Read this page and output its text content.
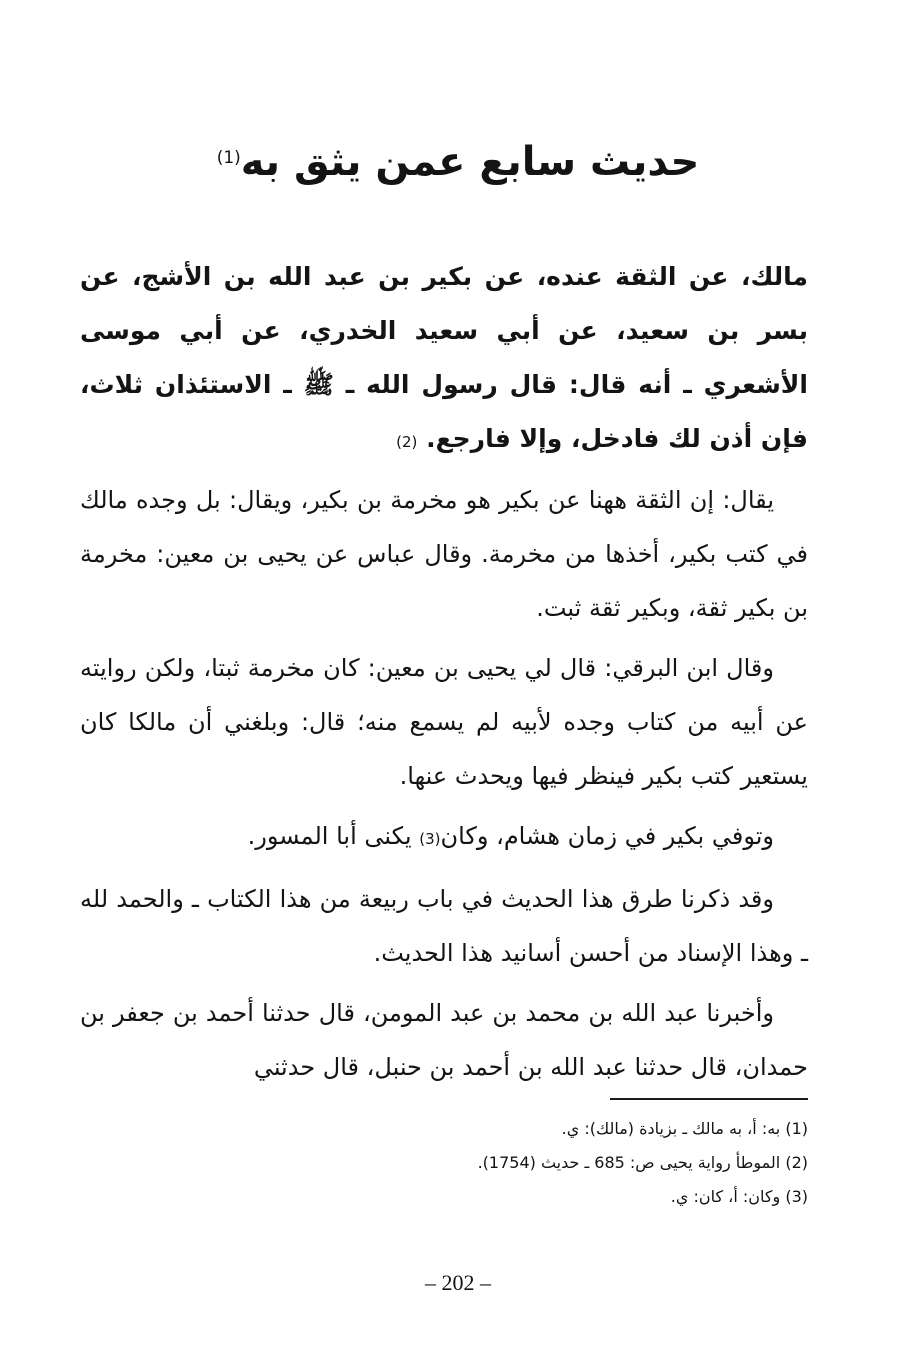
حديث سابع عمن يثق به$^{(1)}$

مالك، عن الثقة عنده، عن بكير بن عبد الله بن الأشج، عن بسر بن سعيد، عن أبي سعيد الخدري، عن أبي موسى الأشعري ـ أنه قال: قال رسول الله ـ ﷺ ـ الاستئذان ثلاث، فإن أذن لك فادخل، وإلا فارجع. (2)

يقال: إن الثقة ههنا عن بكير هو مخرمة بن بكير، ويقال: بل وجده مالك في كتب بكير، أخذها من مخرمة. وقال عباس عن يحيى بن معين: مخرمة بن بكير ثقة، وبكير ثقة ثبت.

وقال ابن البرقي: قال لي يحيى بن معين: كان مخرمة ثبتا، ولكن روايته عن أبيه من كتاب وجده لأبيه لم يسمع منه؛ قال: وبلغني أن مالكا كان يستعير كتب بكير فينظر فيها ويحدث عنها.

وتوفي بكير في زمان هشام، وكان(3) يكنى أبا المسور.

وقد ذكرنا طرق هذا الحديث في باب ربيعة من هذا الكتاب ـ والحمد لله ـ وهذا الإسناد من أحسن أسانيد هذا الحديث.

وأخبرنا عبد الله بن محمد بن عبد المومن، قال حدثنا أحمد بن جعفر بن حمدان، قال حدثنا عبد الله بن أحمد بن حنبل، قال حدثني

(1) به: أ، به مالك ـ بزيادة (مالك): ي.
(2) الموطأ رواية يحيى ص: 685 ـ حديث (1754).
(3) وكان: أ، كان: ي.
– 202 –
